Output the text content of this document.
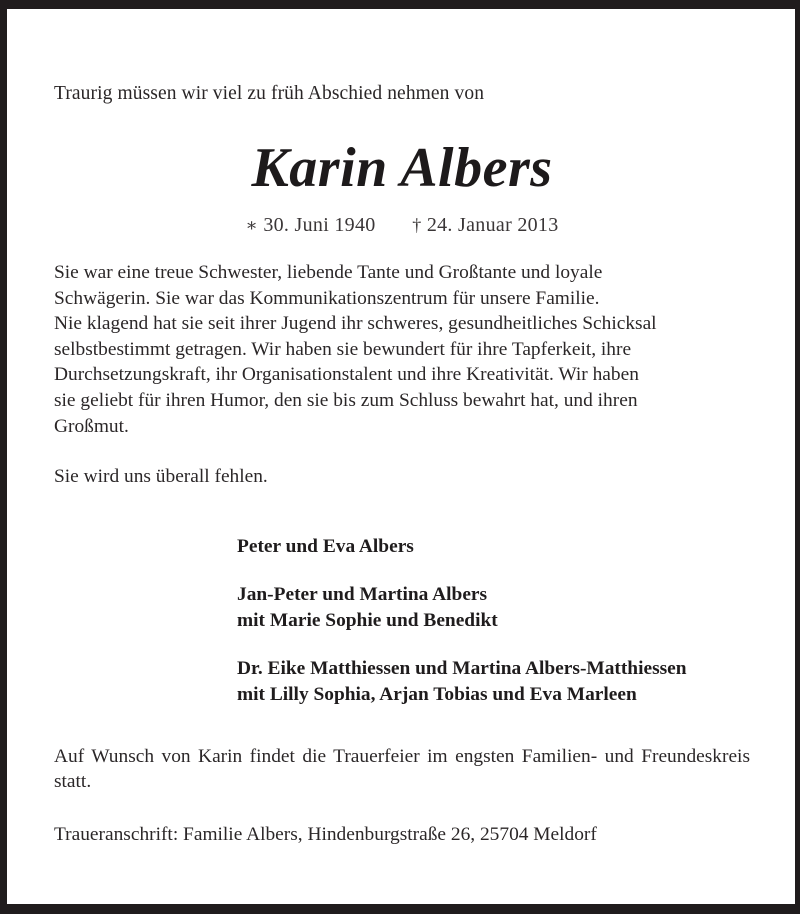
Traurig müssen wir viel zu früh Abschied nehmen von
Karin Albers
∗ 30. Juni 1940 † 24. Januar 2013
Sie war eine treue Schwester, liebende Tante und Großtante und loyale
Schwägerin. Sie war das Kommunikationszentrum für unsere Familie.
Nie klagend hat sie seit ihrer Jugend ihr schweres, gesundheitliches Schicksal
selbstbestimmt getragen. Wir haben sie bewundert für ihre Tapferkeit, ihre
Durchsetzungskraft, ihr Organisationstalent und ihre Kreativität. Wir haben
sie geliebt für ihren Humor, den sie bis zum Schluss bewahrt hat, und ihren
Großmut.
Sie wird uns überall fehlen.
Peter und Eva Albers
Jan-Peter und Martina Albers
mit Marie Sophie und Benedikt
Dr. Eike Matthiessen und Martina Albers-Matthiessen
mit Lilly Sophia, Arjan Tobias und Eva Marleen
Auf Wunsch von Karin findet die Trauerfeier im engsten Familien- und Freundeskreis statt.
Traueranschrift: Familie Albers, Hindenburgstraße 26, 25704 Meldorf
